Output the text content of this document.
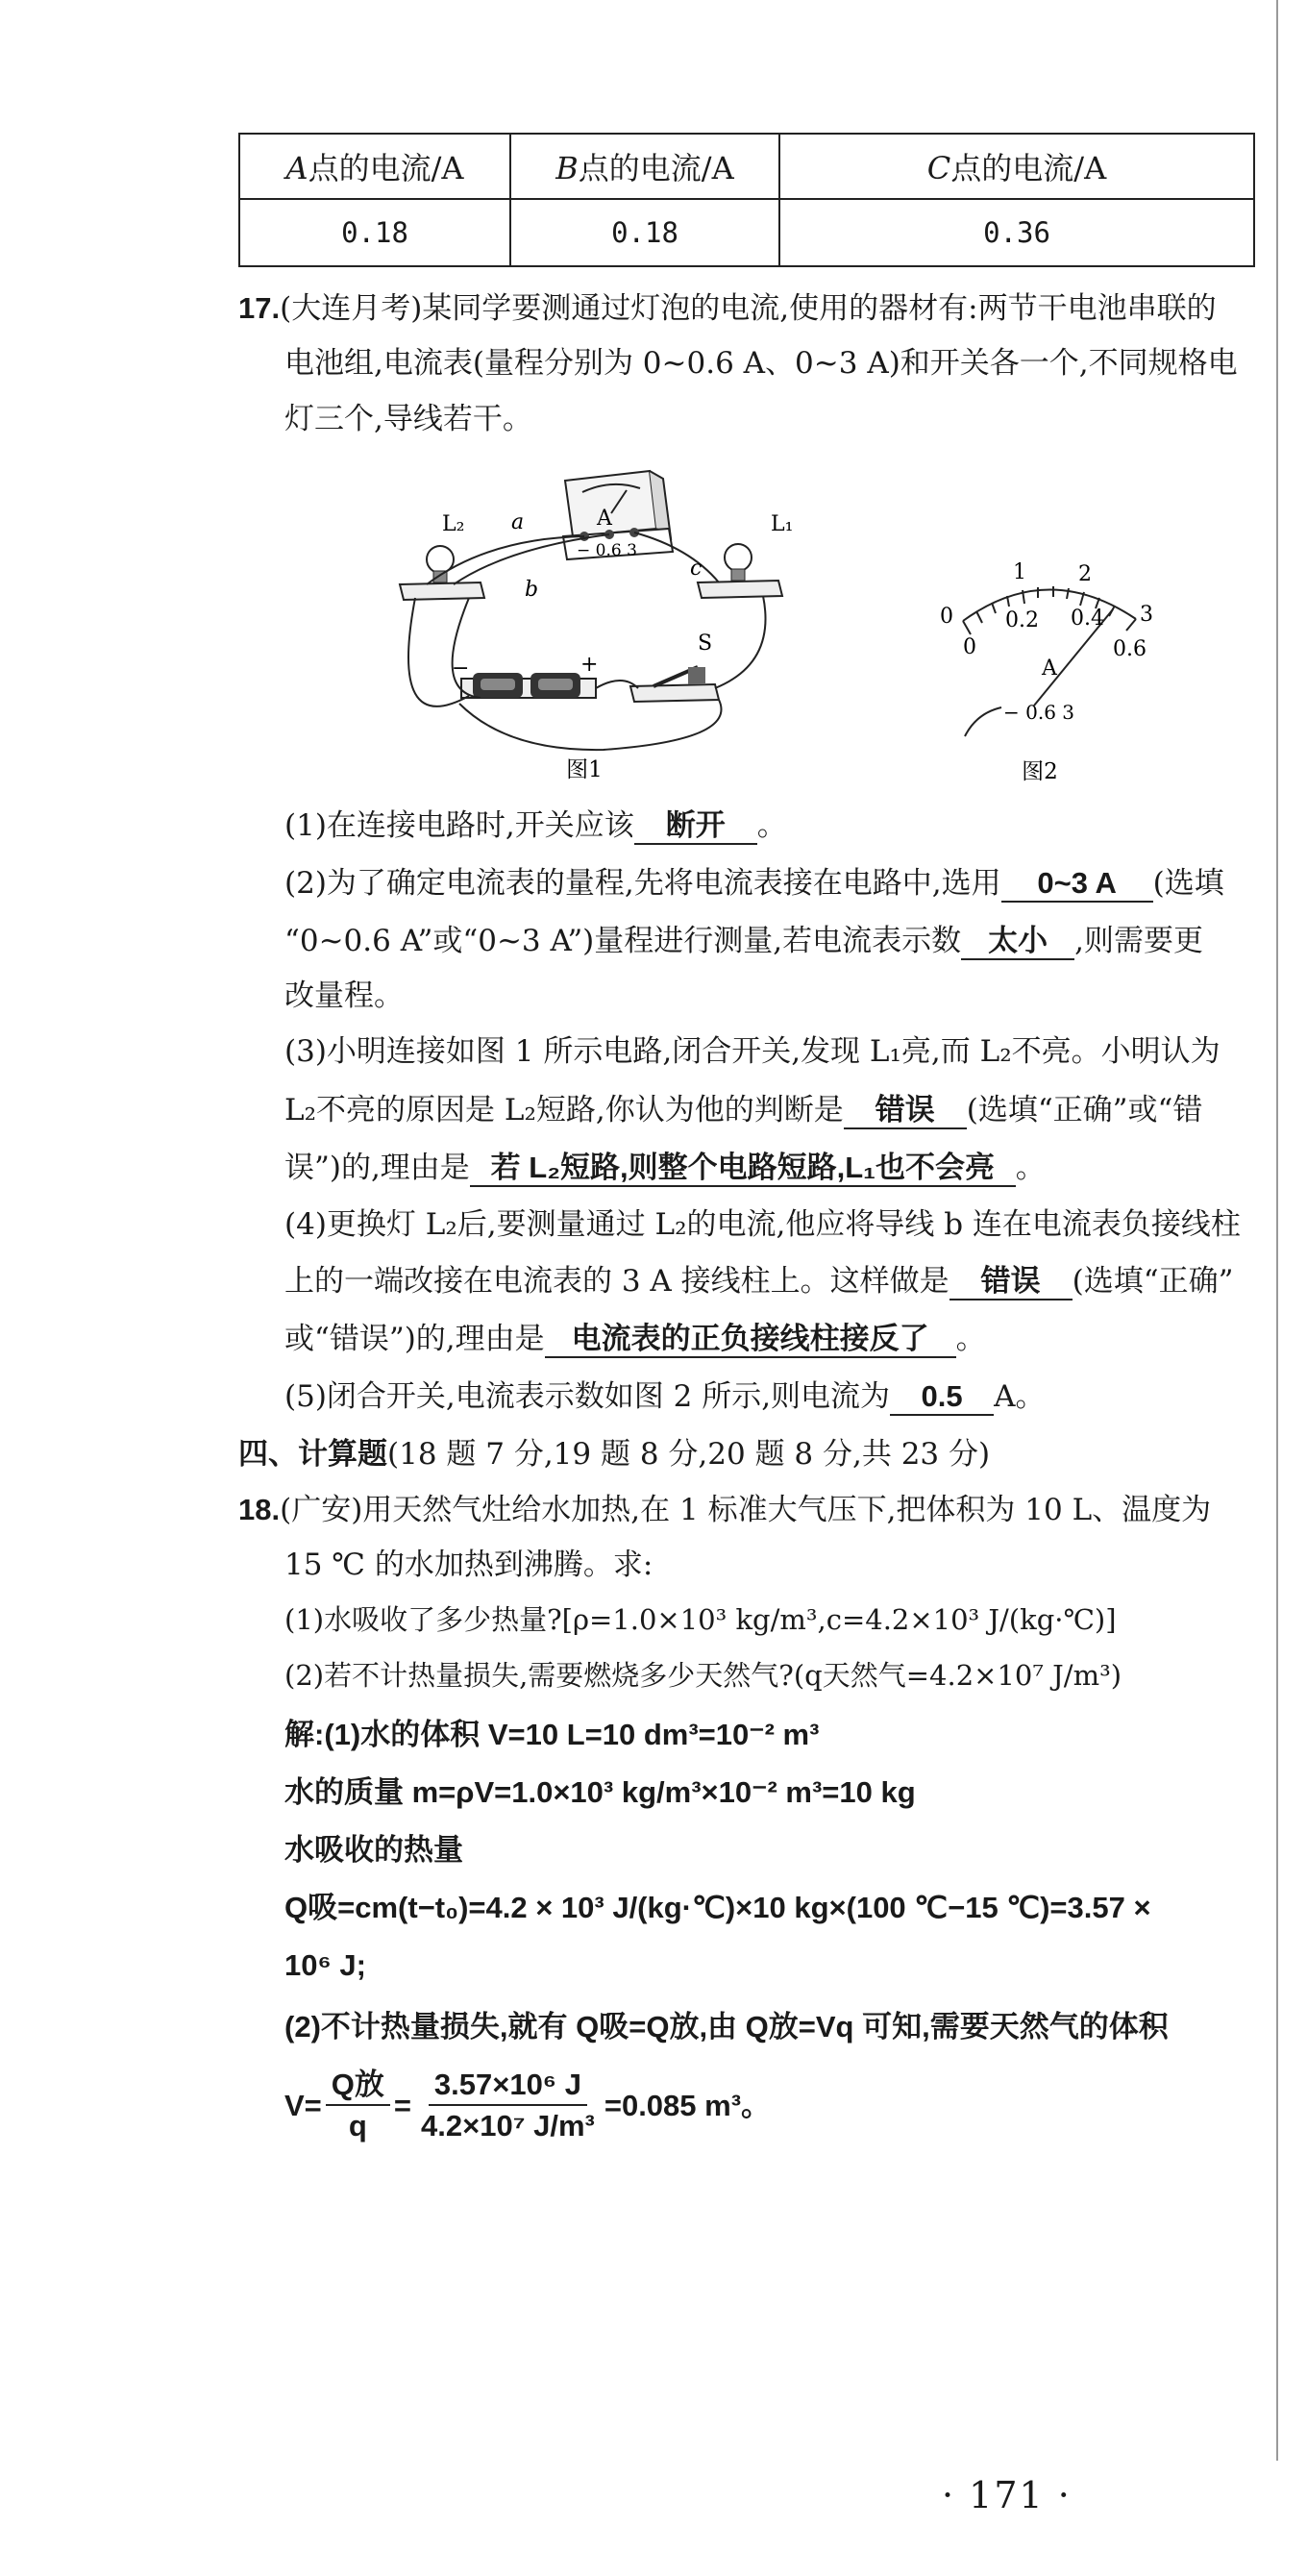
A点的电流/A	B点的电流/A	C点的电流/A
0.18	0.18	0.36
17.(大连月考)某同学要测通过灯泡的电流,使用的器材有:两节干电池串联的
电池组,电流表(量程分别为 0~0.6 A、0~3 A)和开关各一个,不同规格电
灯三个,导线若干。
A
− 0.6 3
L₂	L₁
−	+
S
a
b
c
图1
0
1 2
3
0
0.2 0.4
0.6
A
− 0.6 3
图2
(1)在连接电路时,开关应该 断开 。
(2)为了确定电流表的量程,先将电流表接在电路中,选用 0~3 A (选填
“0~0.6 A”或“0~3 A”)量程进行测量,若电流表示数 太小 ,则需要更
改量程。
(3)小明连接如图 1 所示电路,闭合开关,发现 L₁亮,而 L₂不亮。小明认为
L₂不亮的原因是 L₂短路,你认为他的判断是 错误 (选填“正确”或“错
误”)的,理由是 若 L₂短路,则整个电路短路,L₁也不会亮 。
(4)更换灯 L₂后,要测量通过 L₂的电流,他应将导线 b 连在电流表负接线柱
上的一端改接在电流表的 3 A 接线柱上。这样做是 错误 (选填“正确”
或“错误”)的,理由是 电流表的正负接线柱接反了 。
(5)闭合开关,电流表示数如图 2 所示,则电流为 0.5 A。
四、计算题(18 题 7 分,19 题 8 分,20 题 8 分,共 23 分)
18.(广安)用天然气灶给水加热,在 1 标准大气压下,把体积为 10 L、温度为
15 ℃ 的水加热到沸腾。求:
(1)水吸收了多少热量?[ρ=1.0×10³ kg/m³,c=4.2×10³ J/(kg·℃)]
(2)若不计热量损失,需要燃烧多少天然气?(q天然气=4.2×10⁷ J/m³)
解:(1)水的体积 V=10 L=10 dm³=10⁻² m³
水的质量 m=ρV=1.0×10³ kg/m³×10⁻² m³=10 kg
水吸收的热量
Q吸=cm(t−t₀)=4.2 × 10³ J/(kg·℃)×10 kg×(100 ℃−15 ℃)=3.57 ×
10⁶ J;
(2)不计热量损失,就有 Q吸=Q放,由 Q放=Vq 可知,需要天然气的体积
$V= \frac{\text{Q放}}{q} = \frac{\text{3.57×10⁶ J}}{\text{4.2×10⁷ J/m³}} =0.085$ m³。
· 171 ·
